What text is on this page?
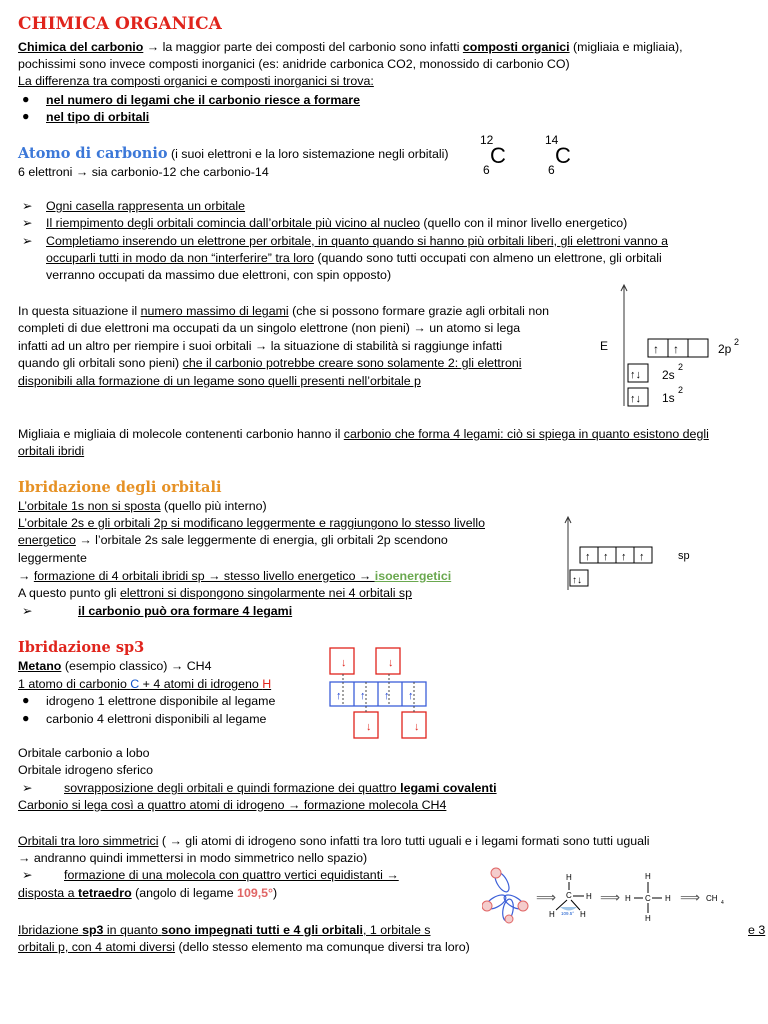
CHIMICA ORGANICA
Chimica del carbonio → la maggior parte dei composti del carbonio sono infatti composti organici (migliaia e migliaia),
pochissimi sono invece composti inorganici (es: anidride carbonica CO2, monossido di carbonio CO)
La differenza tra composti organici e composti inorganici si trova:
● nel numero di legami che il carbonio riesce a formare
● nel tipo di orbitali
Atomo di carbonio (i suoi elettroni e la loro sistemazione negli orbitali)
6 elettroni → sia carbonio-12 che carbonio-14
12
C
6
14
C
6
➢ Ogni casella rappresenta un orbitale
➢ Il riempimento degli orbitali comincia dall’orbitale più vicino al nucleo (quello con il minor livello energetico)
➢ Completiamo inserendo un elettrone per orbitale, in quanto quando si hanno più orbitali liberi, gli elettroni vanno a
occuparli tutti in modo da non “interferire” tra loro (quando sono tutti occupati con almeno un elettrone, gli orbitali
verranno occupati da massimo due elettroni, con spin opposto)
In questa situazione il numero massimo di legami (che si possono formare grazie agli orbitali non
completi di due elettroni ma occupati da un singolo elettrone (non pieni) → un atomo si lega
infatti ad un altro per riempire i suoi orbitali → la situazione di stabilità si raggiunge infatti
quando gli orbitali sono pieni) che il carbonio potrebbe creare sono solamente 2: gli elettroni
disponibili alla formazione di un legame sono quelli presenti nell’orbitale p
E	↑ ↑	2p 2
↑↓ 2s
2
↑↓ 1s
2
Migliaia e migliaia di molecole contenenti carbonio hanno il carbonio che forma 4 legami: ciò si spiega in quanto esistono degli
orbitali ibridi
Ibridazione degli orbitali
L’orbitale 1s non si sposta (quello più interno)
L’orbitale 2s e gli orbitali 2p si modificano leggermente e raggiungono lo stesso livello
energetico → l’orbitale 2s sale leggermente di energia, gli orbitali 2p scendono
leggermente
→ formazione di 4 orbitali ibridi sp → stesso livello energetico → isoenergetici
A questo punto gli elettroni si dispongono singolarmente nei 4 orbitali sp
➢	il carbonio può ora formare 4 legami
↑ ↑ ↑ ↑	sp
↑↓
Ibridazione sp3
Metano (esempio classico) → CH4
1 atomo di carbonio C + 4 atomi di idrogeno H
● idrogeno 1 elettrone disponibile al legame
● carbonio 4 elettroni disponibili al legame
↓	↓
↓	↓
↑ ↑ ↑ ↑
Orbitale carbonio a lobo
Orbitale idrogeno sferico
➢	sovrapposizione degli orbitali e quindi formazione dei quattro legami covalenti
Carbonio si lega così a quattro atomi di idrogeno → formazione molecola CH4
Orbitali tra loro simmetrici ( → gli atomi di idrogeno sono infatti tra loro tutti uguali e i legami formati sono tutti uguali
→ andranno quindi immettersi in modo simmetrico nello spazio)
➢	formazione di una molecola con quattro vertici equidistanti →
disposta a tetraedro (angolo di legame 109,5°)	⟹
H
C H
H	H
109.5°
⟹
H
C
H	H
H
⟹ CH 4
Ibridazione sp3 in quanto sono impegnati tutti e 4 gli orbitali, 1 orbitale s	e 3
orbitali p, con 4 atomi diversi (dello stesso elemento ma comunque diversi tra loro)
